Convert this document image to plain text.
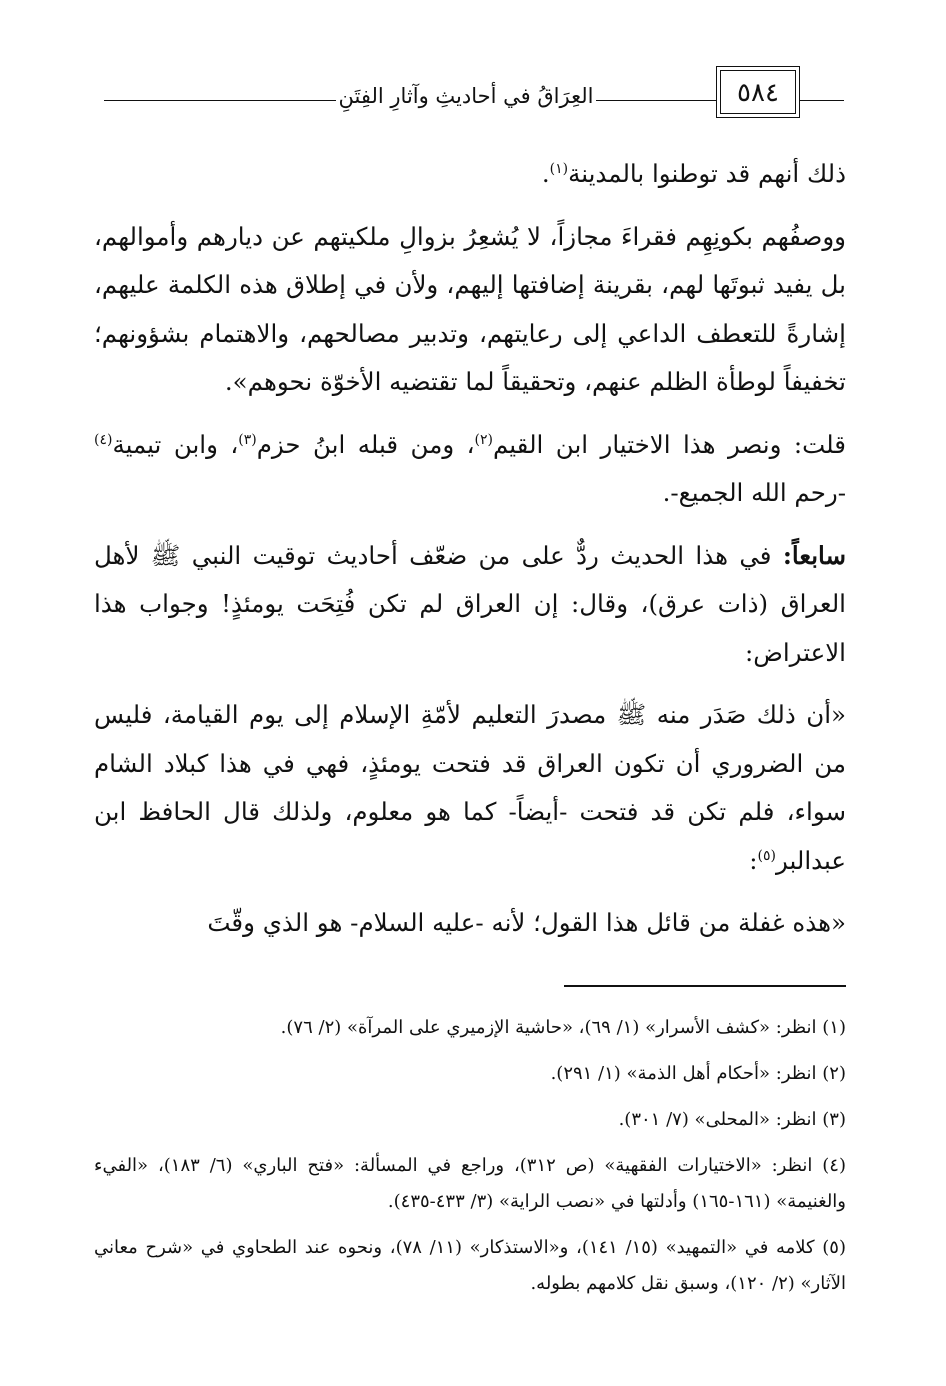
العِرَاقُ في أحاديثِ وآثارِ الفِتَنِ	٥٨٤

ذلك أنهم قد توطنوا بالمدينة$^{(١)}$.

ووصفُهم بكونِهِم فقراءَ مجازاً، لا يُشعِرُ بزوالِ ملكيتهم عن ديارهم وأموالهم، بل يفيد ثبوتَها لهم، بقرينة إضافتها إليهم، ولأن في إطلاق هذه الكلمة عليهم، إشارةً للتعطف الداعي إلى رعايتهم، وتدبير مصالحهم، والاهتمام بشؤونهم؛ تخفيفاً لوطأة الظلم عنهم، وتحقيقاً لما تقتضيه الأخوّة نحوهم».

قلت: ونصر هذا الاختيار ابن القيم$^{(٢)}$، ومن قبله ابنُ حزم$^{(٣)}$، وابن تيمية$^{(٤)}$ -رحم الله الجميع-.

سابعاً: في هذا الحديث ردٌّ على من ضعّف أحاديث توقيت النبي ﷺ لأهل العراق (ذات عرق)، وقال: إن العراق لم تكن فُتِحَت يومئذٍ! وجواب هذا الاعتراض:

«أن ذلك صَدَر منه ﷺ مصدرَ التعليم لأمّةِ الإسلام إلى يوم القيامة، فليس من الضروري أن تكون العراق قد فتحت يومئذٍ، فهي في هذا كبلاد الشام سواء، فلم تكن قد فتحت -أيضاً- كما هو معلوم، ولذلك قال الحافظ ابن عبدالبر$^{(٥)}$:

«هذه غفلة من قائل هذا القول؛ لأنه -عليه السلام- هو الذي وقّتَ

(١) انظر: «كشف الأسرار» (١/ ٦٩)، «حاشية الإزميري على المرآة» (٢/ ٧٦).

(٢) انظر: «أحكام أهل الذمة» (١/ ٢٩١).

(٣) انظر: «المحلى» (٧/ ٣٠١).

(٤) انظر: «الاختيارات الفقهية» (ص ٣١٢)، وراجع في المسألة: «فتح الباري» (٦/ ١٨٣)، «الفيء والغنيمة» (١٦١-١٦٥) وأدلتها في «نصب الراية» (٣/ ٤٣٣-٤٣٥).

(٥) كلامه في «التمهيد» (١٥/ ١٤١)، و«الاستذكار» (١١/ ٧٨)، ونحوه عند الطحاوي في «شرح معاني الآثار» (٢/ ١٢٠)، وسبق نقل كلامهم بطوله.
